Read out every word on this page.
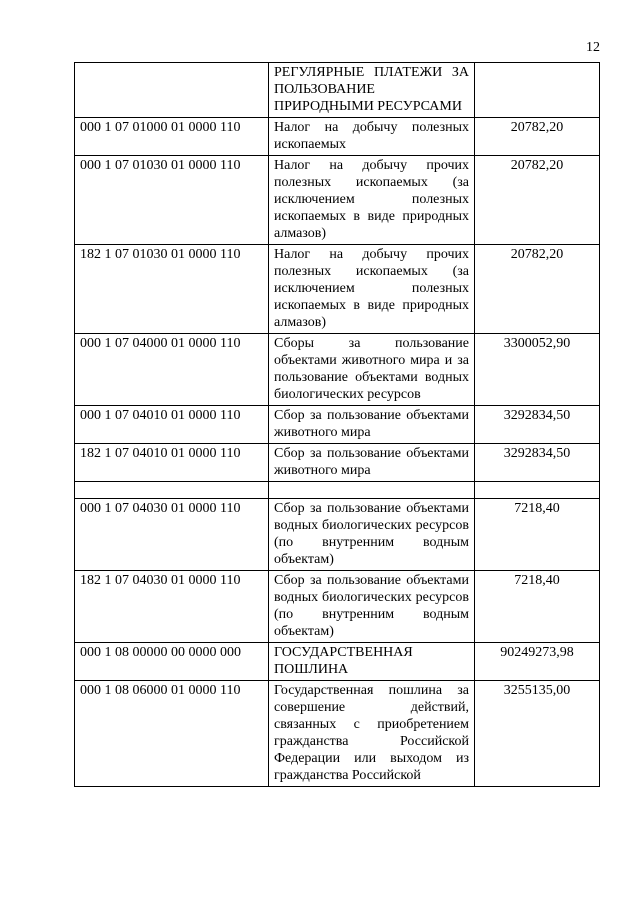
12
	РЕГУЛЯРНЫЕ ПЛАТЕЖИ ЗА ПОЛЬЗОВАНИЕ ПРИРОДНЫМИ РЕСУРСАМИ	
000 1 07 01000 01 0000 110	Налог на добычу полезных ископаемых	20782,20
000 1 07 01030 01 0000 110	Налог на добычу прочих полезных ископаемых (за исключением полезных ископаемых в виде природных алмазов)	20782,20
182 1 07 01030 01 0000 110	Налог на добычу прочих полезных ископаемых (за исключением полезных ископаемых в виде природных алмазов)	20782,20
000 1 07 04000 01 0000 110	Сборы за пользование объектами животного мира и за пользование объектами водных биологических ресурсов	3300052,90
000 1 07 04010 01 0000 110	Сбор за пользование объектами животного мира	3292834,50
182 1 07 04010 01 0000 110	Сбор за пользование объектами животного мира	3292834,50

000 1 07 04030 01 0000 110	Сбор за пользование объектами водных биологических ресурсов (по внутренним водным объектам)	7218,40
182 1 07 04030 01 0000 110	Сбор за пользование объектами водных биологических ресурсов (по внутренним водным объектам)	7218,40
000 1 08 00000 00 0000 000	ГОСУДАРСТВЕННАЯ ПОШЛИНА	90249273,98
000 1 08 06000 01 0000 110	Государственная пошлина за совершение действий, связанных с приобретением гражданства Российской Федерации или выходом из гражданства Российской	3255135,00
